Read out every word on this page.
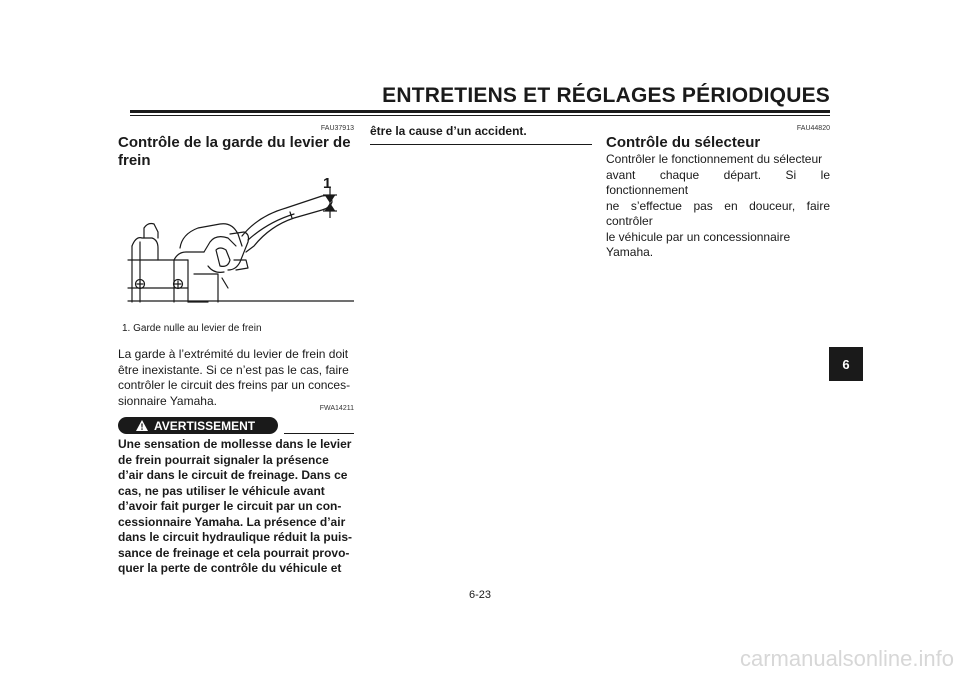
ENTRETIENS ET RÉGLAGES PÉRIODIQUES
FAU37913
Contrôle de la garde du levier de
frein
1
1. Garde nulle au levier de frein
La garde à l’extrémité du levier de frein doit
être inexistante. Si ce n’est pas le cas, faire
contrôler le circuit des freins par un conces-
sionnaire Yamaha.
FWA14211
AVERTISSEMENT
Une sensation de mollesse dans le levier
de frein pourrait signaler la présence
d’air dans le circuit de freinage. Dans ce
cas, ne pas utiliser le véhicule avant
d’avoir fait purger le circuit par un con-
cessionnaire Yamaha. La présence d’air
dans le circuit hydraulique réduit la puis-
sance de freinage et cela pourrait provo-
quer la perte de contrôle du véhicule et
être la cause d’un accident.	FAU44820
Contrôle du sélecteur
Contrôler le fonctionnement du sélecteur
avant chaque départ. Si le fonctionnement
ne s’effectue pas en douceur, faire contrôler
le véhicule par un concessionnaire
Yamaha.
6
6-23
carmanualsonline.info
